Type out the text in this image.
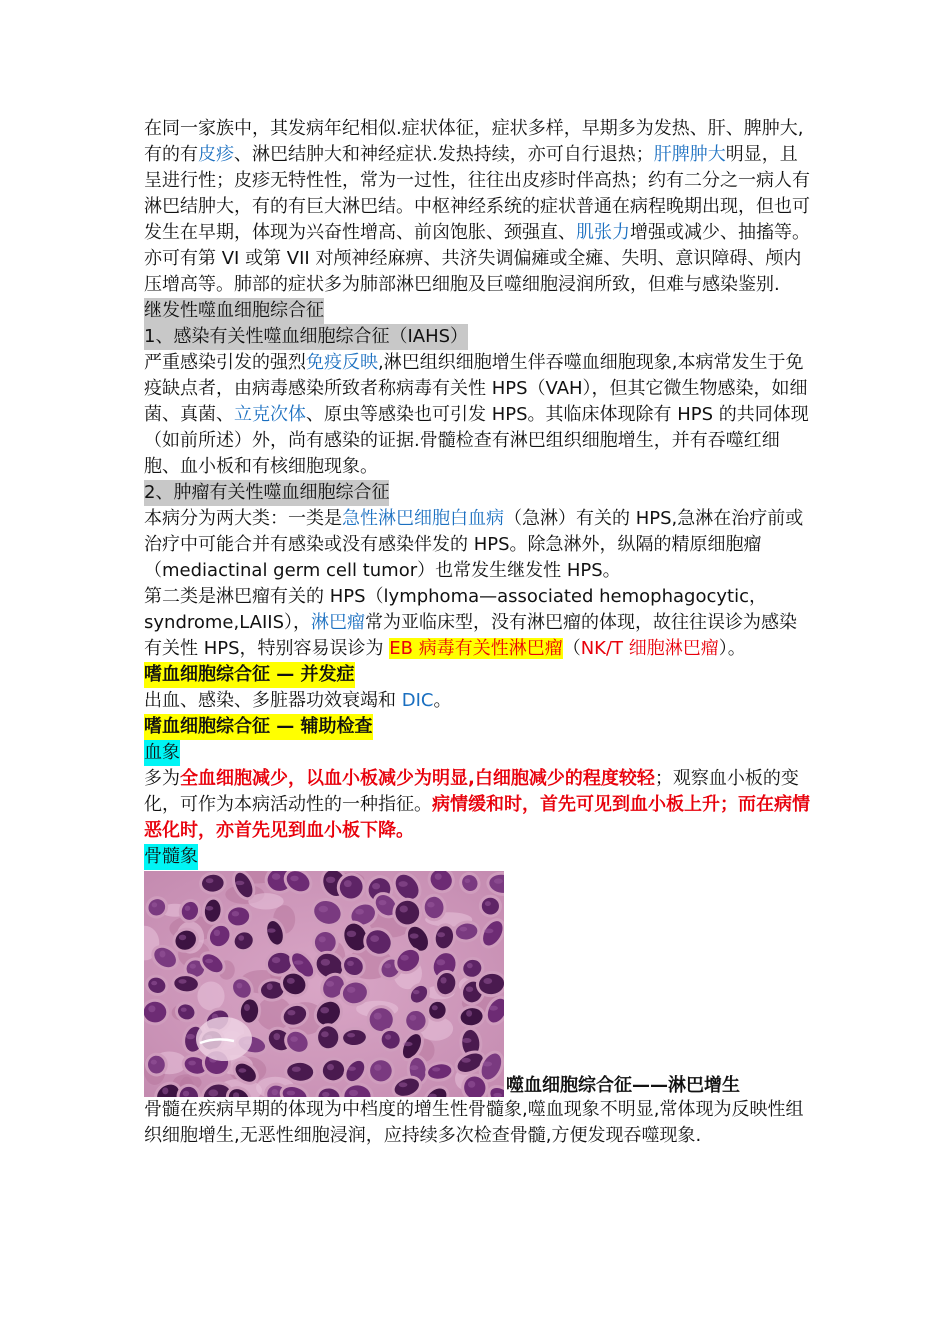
在同一家族中，其发病年纪相似.症状体征，症状多样，早期多为发热、肝、脾肿大,有的有皮疹、淋巴结肿大和神经症状.发热持续，亦可自行退热；肝脾肿大明显，且呈进行性；皮疹无特性性，常为一过性，往往出皮疹时伴高热；约有二分之一病人有淋巴结肿大，有的有巨大淋巴结。中枢神经系统的症状普通在病程晚期出现，但也可发生在早期，体现为兴奋性增高、前囟饱胀、颈强直、肌张力增强或减少、抽搐等。亦可有第 VI 或第 VII 对颅神经麻痹、共济失调偏瘫或全瘫、失明、意识障碍、颅内压增高等。肺部的症状多为肺部淋巴细胞及巨噬细胞浸润所致，但难与感染鉴别.

继发性噬血细胞综合征

1、感染有关性噬血细胞综合征（IAHS）

严重感染引发的强烈免疫反映,淋巴组织细胞增生伴吞噬血细胞现象,本病常发生于免疫缺点者，由病毒感染所致者称病毒有关性 HPS（VAH），但其它微生物感染，如细菌、真菌、立克次体、原虫等感染也可引发 HPS。其临床体现除有 HPS 的共同体现（如前所述）外，尚有感染的证据.骨髓检查有淋巴组织细胞增生，并有吞噬红细胞、血小板和有核细胞现象。

2、肿瘤有关性噬血细胞综合征

本病分为两大类：一类是急性淋巴细胞白血病（急淋）有关的 HPS,急淋在治疗前或治疗中可能合并有感染或没有感染伴发的 HPS。除急淋外，纵隔的精原细胞瘤（mediactinal germ cell tumor）也常发生继发性 HPS。

第二类是淋巴瘤有关的 HPS（lymphoma—associated hemophagocytic，syndrome,LAIIS），淋巴瘤常为亚临床型，没有淋巴瘤的体现，故往往误诊为感染有关性 HPS，特别容易误诊为 EB 病毒有关性淋巴瘤（NK/T 细胞淋巴瘤）。

嗜血细胞综合征 — 并发症

出血、感染、多脏器功效衰竭和 DIC。

嗜血细胞综合征 — 辅助检查

血象

多为全血细胞减少，以血小板减少为明显,白细胞减少的程度较轻；观察血小板的变化，可作为本病活动性的一种指征。病情缓和时，首先可见到血小板上升；而在病情恶化时，亦首先见到血小板下降。

骨髓象

噬血细胞综合征——淋巴增生

骨髓在疾病早期的体现为中档度的增生性骨髓象,噬血现象不明显,常体现为反映性组织细胞增生,无恶性细胞浸润，应持续多次检查骨髓,方便发现吞噬现象.
